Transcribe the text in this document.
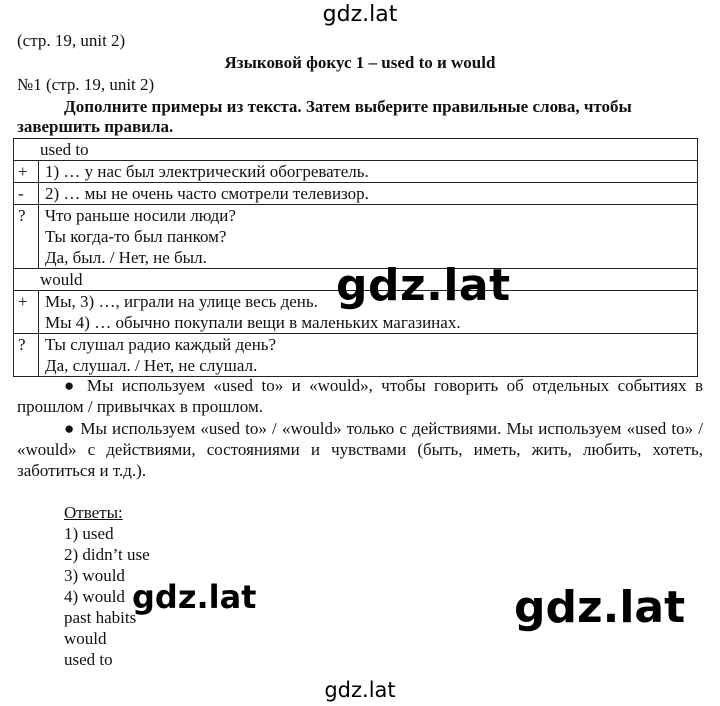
gdz.lat
(стр. 19, unit 2)
Языковой фокус 1 – used to и would
№1 (стр. 19, unit 2)
Дополните примеры из текста. Затем выберите правильные слова, чтобы
завершить правила.
used to	
+	1) … у нас был электрический обогреватель.
-	2) … мы не очень часто смотрели телевизор.
?	Что раньше носили люди?
Ты когда-то был панком?
Да, был. / Нет, не был.

would	
+	Мы, 3) …, играли на улице весь день.
Мы 4) … обычно покупали вещи в маленьких магазинах.

?	Ты слушал радио каждый день?
Да, слушал. / Нет, не слушал.
gdz.lat
● Мы используем «used to» и «would», чтобы говорить об отдельных событиях в прошлом / привычках в прошлом.
● Мы используем «used to» / «would» только с действиями. Мы используем «used to» / «would» с действиями, состояниями и чувствами (быть, иметь, жить, любить, хотеть, заботиться и т.д.).
Ответы:
1) used
2) didn’t use
3) would
4) would
past habits
would
used to
gdz.lat	gdz.lat
gdz.lat
